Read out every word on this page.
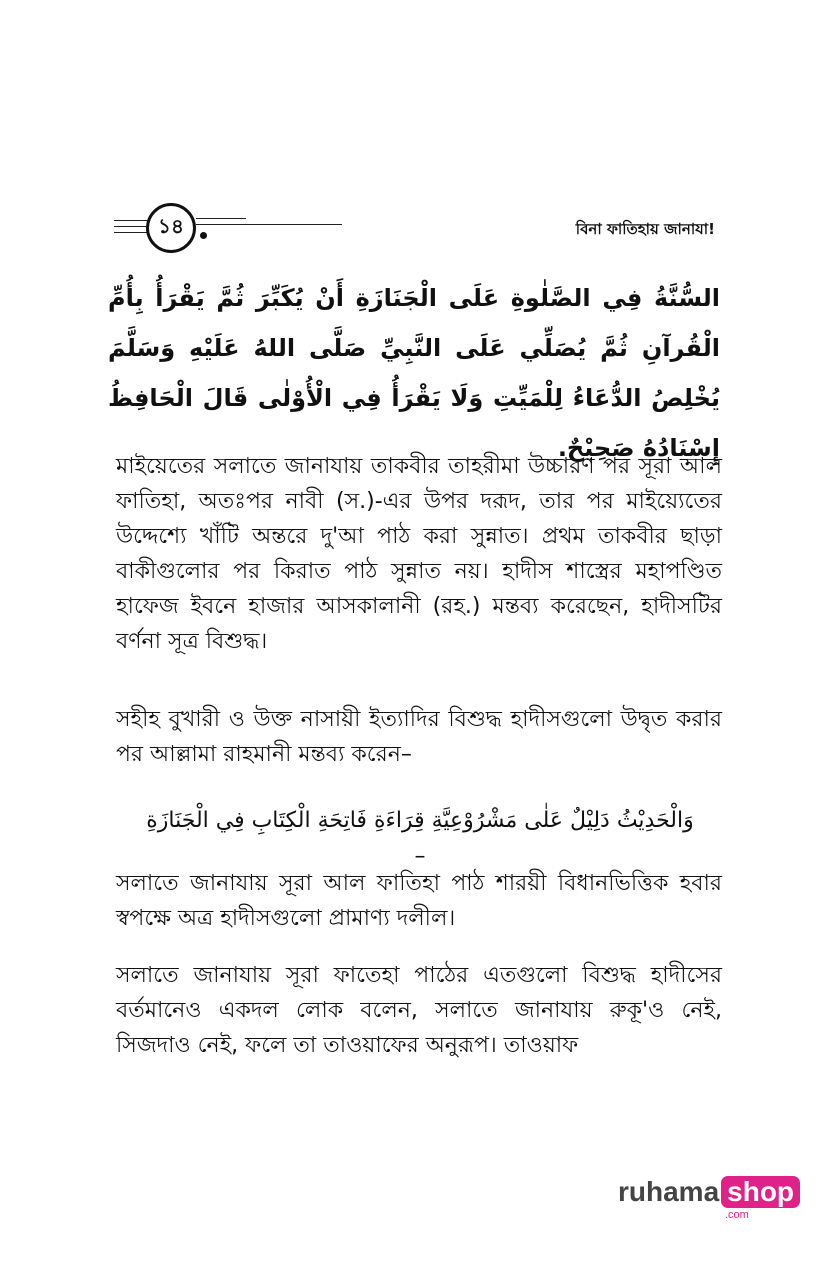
১৪	বিনা ফাতিহায় জানাযা!
السُّنَّةُ فِي الصَّلٰوةِ عَلَى الْجَنَازَةِ أَنْ يُكَبِّرَ ثُمَّ يَقْرَأُ بِأُمِّ الْقُرآنِ ثُمَّ يُصَلِّي عَلَى النَّبِيِّ صَلَّى اللهُ عَلَيْهِ وَسَلَّمَ يُخْلِصُ الدُّعَاءُ لِلْمَيِّتِ وَلَا يَقْرَأُ فِي الْأُوْلٰى قَالَ الْحَافِظُ إِسْنَادُهُ صَحِيْحٌ.
মাইয়েতের সলাতে জানাযায় তাকবীর তাহরীমা উচ্চারণ পর সূরা আল ফাতিহা, অতঃপর নাবী (স.)-এর উপর দরূদ, তার পর মাইয়্যেতের উদ্দেশ্যে খাঁটি অন্তরে দু'আ পাঠ করা সুন্নাত। প্রথম তাকবীর ছাড়া বাকীগুলোর পর কিরাত পাঠ সুন্নাত নয়। হাদীস শাস্ত্রের মহাপণ্ডিত হাফেজ ইবনে হাজার আসকালানী (রহ.) মন্তব্য করেছেন, হাদীসটির বর্ণনা সূত্র বিশুদ্ধ।
সহীহ বুখারী ও উক্ত নাসায়ী ইত্যাদির বিশুদ্ধ হাদীসগুলো উদ্বৃত করার পর আল্লামা রাহমানী মন্তব্য করেন–
وَالْحَدِيْثُ دَلِيْلٌ عَلٰى مَشْرُوْعِيَّةِ قِرَاءَةِ فَاتِحَةِ الْكِتَابِ فِي الْجَنَازَةِ –
সলাতে জানাযায় সূরা আল ফাতিহা পাঠ শারয়ী বিধানভিত্তিক হবার স্বপক্ষে অত্র হাদীসগুলো প্রামাণ্য দলীল।
সলাতে জানাযায় সূরা ফাতেহা পাঠের এতগুলো বিশুদ্ধ হাদীসের বর্তমানেও একদল লোক বলেন, সলাতে জানাযায় রুকূ'ও নেই, সিজদাও নেই, ফলে তা তাওয়াফের অনুরূপ। তাওয়াফ
ruhama shop
.com
